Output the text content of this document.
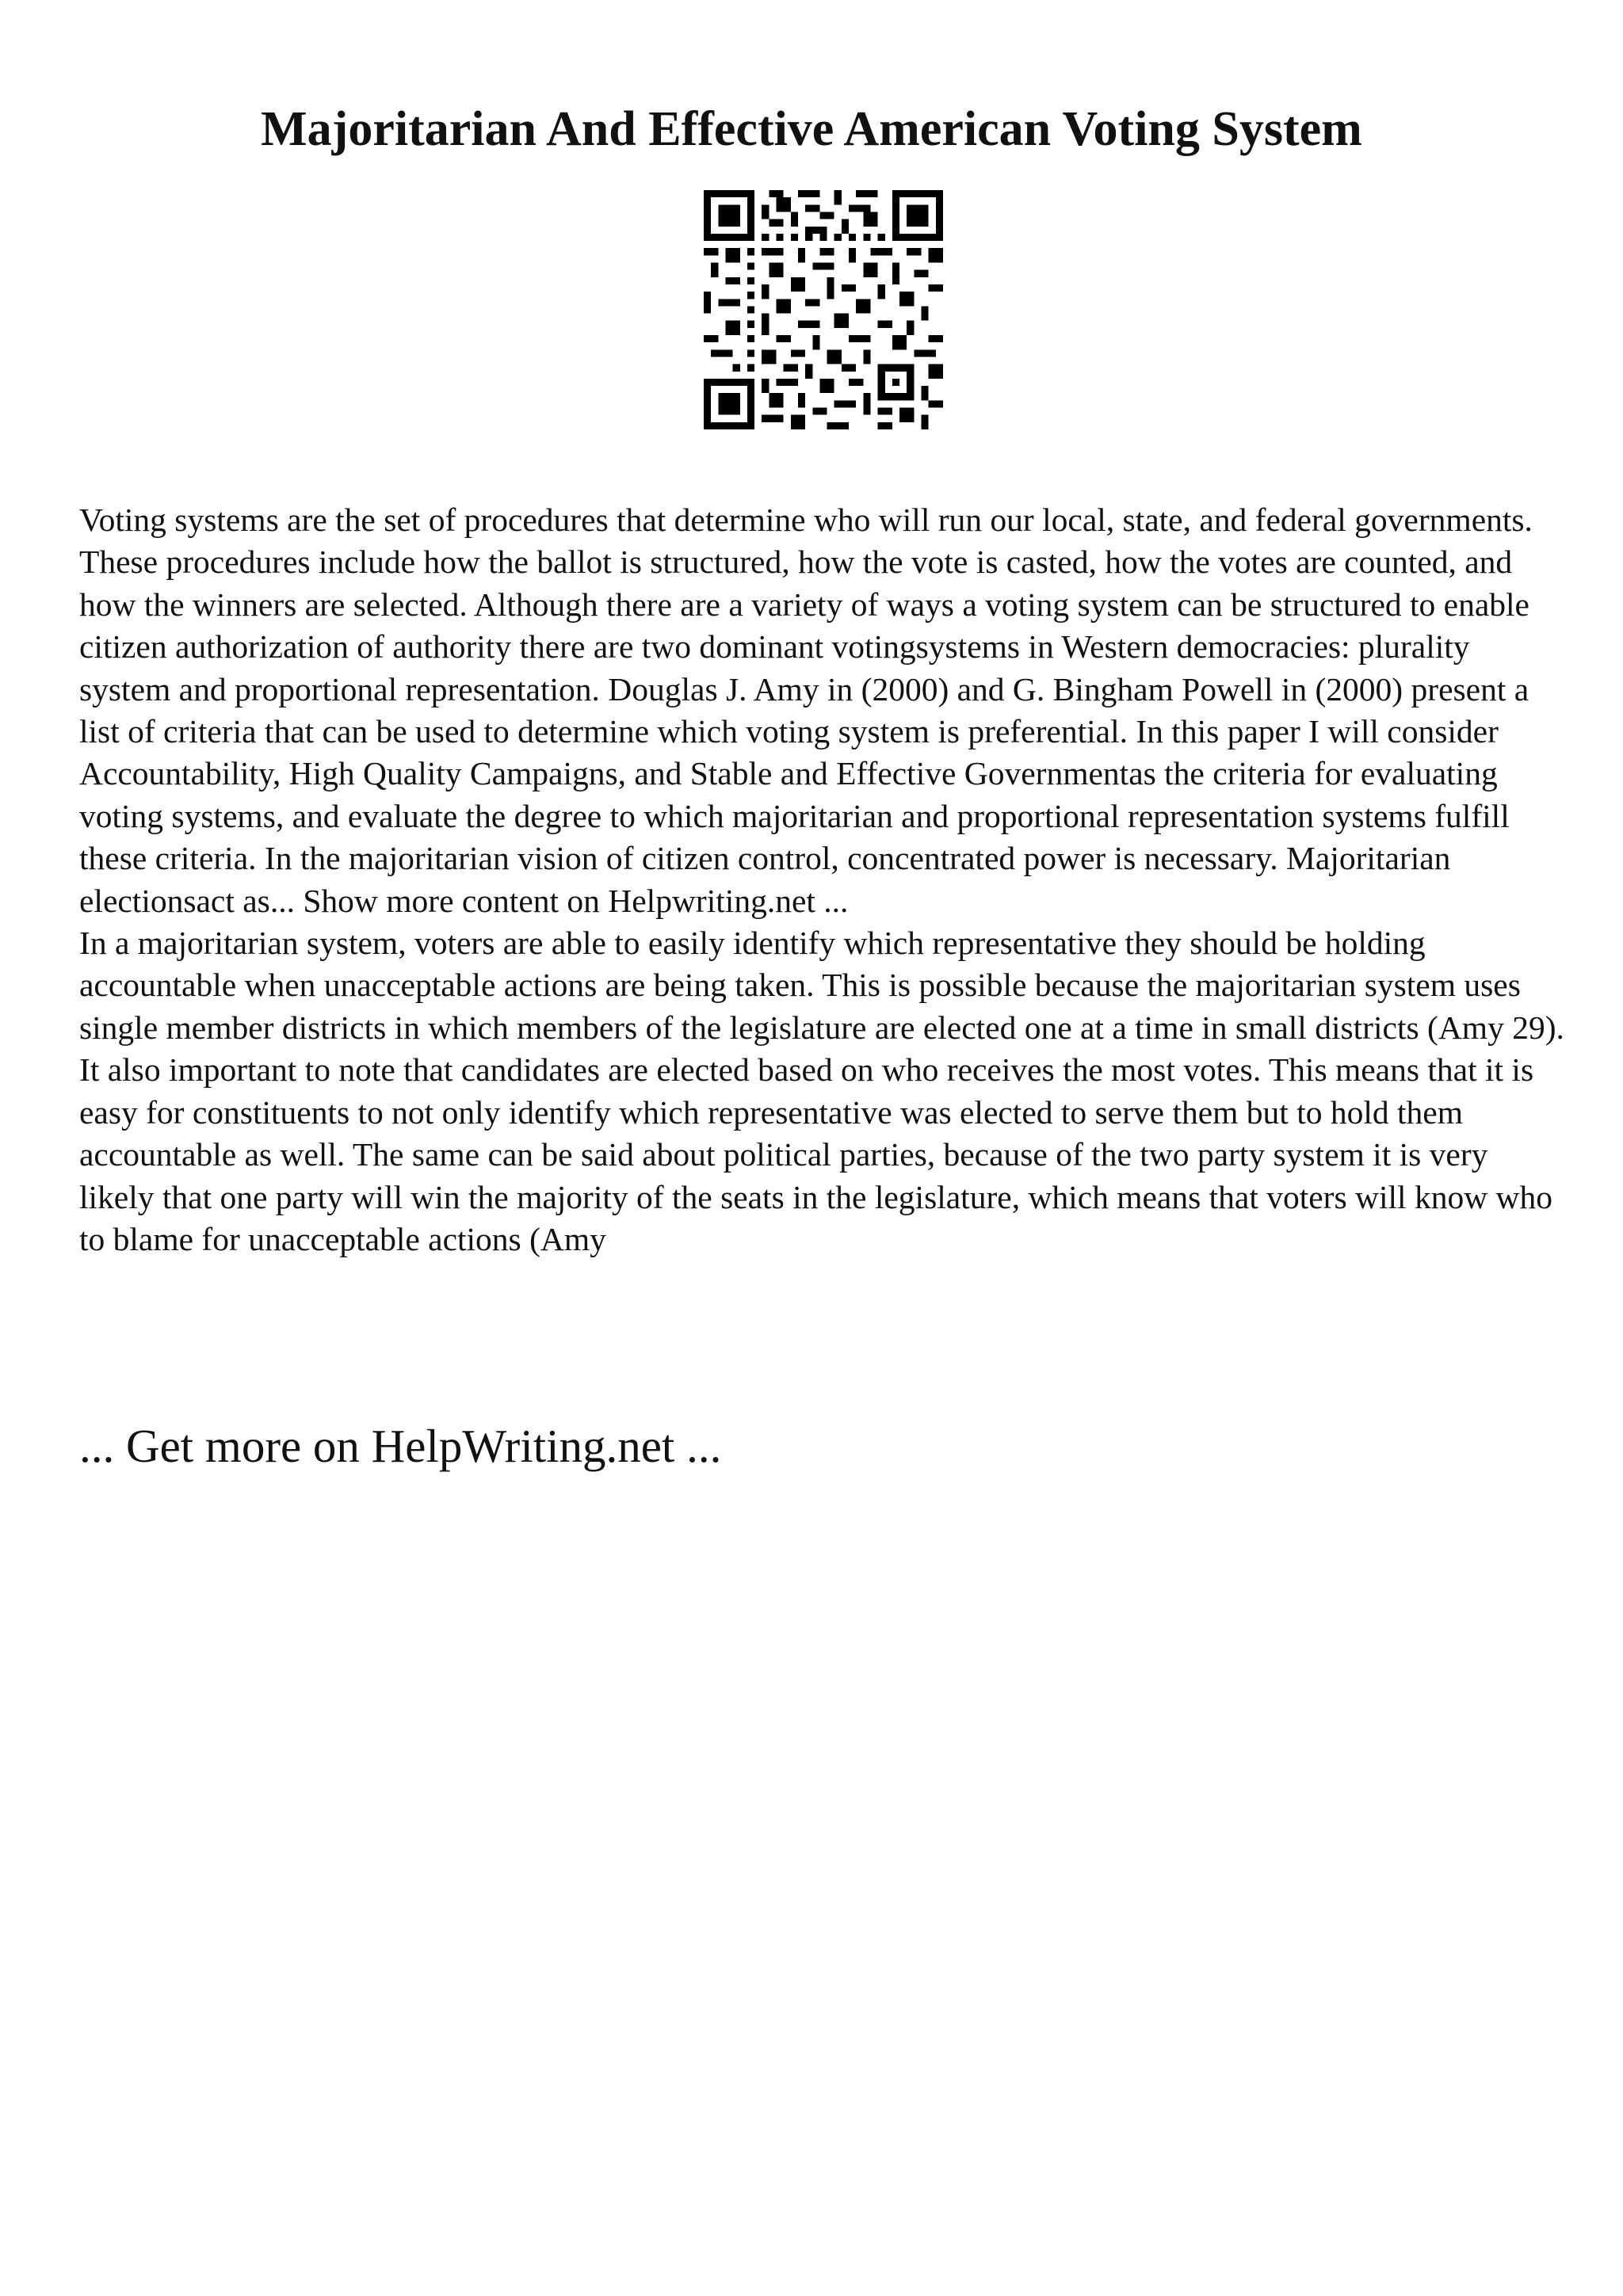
Majoritarian And Effective American Voting System

Voting systems are the set of procedures that determine who will run our local, state, and federal governments. These procedures include how the ballot is structured, how the vote is casted, how the votes are counted, and how the winners are selected. Although there are a variety of ways a voting system can be structured to enable citizen authorization of authority there are two dominant votingsystems in Western democracies: plurality system and proportional representation. Douglas J. Amy in (2000) and G. Bingham Powell in (2000) present a list of criteria that can be used to determine which voting system is preferential. In this paper I will consider Accountability, High Quality Campaigns, and Stable and Effective Governmentas the criteria for evaluating voting systems, and evaluate the degree to which majoritarian and proportional representation systems fulfill these criteria. In the majoritarian vision of citizen control, concentrated power is necessary. Majoritarian electionsact as... Show more content on Helpwriting.net ...

In a majoritarian system, voters are able to easily identify which representative they should be holding accountable when unacceptable actions are being taken. This is possible because the majoritarian system uses single member districts in which members of the legislature are elected one at a time in small districts (Amy 29). It also important to note that candidates are elected based on who receives the most votes. This means that it is easy for constituents to not only identify which representative was elected to serve them but to hold them accountable as well. The same can be said about political parties, because of the two party system it is very likely that one party will win the majority of the seats in the legislature, which means that voters will know who to blame for unacceptable actions (Amy

... Get more on HelpWriting.net ...
